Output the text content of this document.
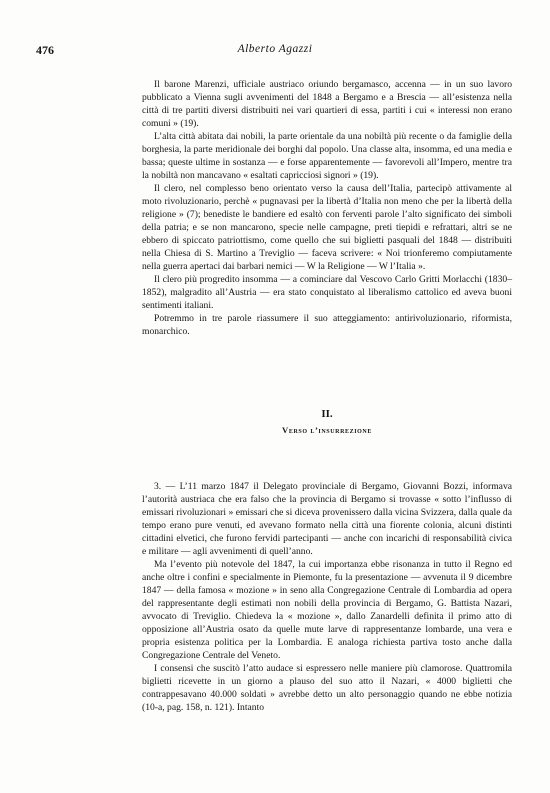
476	Alberto Agazzi

Il barone Marenzi, ufficiale austriaco oriundo bergamasco, accenna — in un suo lavoro pubblicato a Vienna sugli avvenimenti del 1848 a Bergamo e a Brescia — all’esistenza nella città di tre partiti diversi distribuiti nei vari quartieri di essa, partiti i cui « interessi non erano comuni » (19).

L’alta città abitata dai nobili, la parte orientale da una nobiltà più recente o da famiglie della borghesia, la parte meridionale dei borghi dal popolo. Una classe alta, insomma, ed una media e bassa; queste ultime in sostanza — e forse apparentemente — favorevoli all’Impero, mentre tra la nobiltà non mancavano « esaltati capricciosi signori » (19).

Il clero, nel complesso beno orientato verso la causa dell’Italia, partecipò attivamente al moto rivoluzionario, perchè « pugnavasi per la libertà d’Italia non meno che per la libertà della religione » (7); benediste le bandiere ed esaltò con ferventi parole l’alto significato dei simboli della patria; e se non mancarono, specie nelle campagne, preti tiepidi e refrattari, altri se ne ebbero di spiccato patriottismo, come quello che sui biglietti pasquali del 1848 — distribuiti nella Chiesa di S. Martino a Treviglio — faceva scrivere: « Noi trionferemo compiutamente nella guerra apertaci dai barbari nemici — W la Religione — W l’Italia ».

Il clero più progredito insomma — a cominciare dal Vescovo Carlo Gritti Morlacchi (1830–1852), malgradito all’Austria — era stato conquistato al liberalismo cattolico ed aveva buoni sentimenti italiani.

Potremmo in tre parole riassumere il suo atteggiamento: antirivoluzionario, riformista, monarchico.

II.
Verso l’insurrezione

3. — L’11 marzo 1847 il Delegato provinciale di Bergamo, Giovanni Bozzi, informava l’autorità austriaca che era falso che la provincia di Bergamo si trovasse « sotto l’influsso di emissari rivoluzionari » emissari che si diceva provenissero dalla vicina Svizzera, dalla quale da tempo erano pure venuti, ed avevano formato nella città una fiorente colonia, alcuni distinti cittadini elvetici, che furono fervidi partecipanti — anche con incarichi di responsabilità civica e militare — agli avvenimenti di quell’anno.

Ma l’evento più notevole del 1847, la cui importanza ebbe risonanza in tutto il Regno ed anche oltre i confini e specialmente in Piemonte, fu la presentazione — avvenuta il 9 dicembre 1847 — della famosa « mozione » in seno alla Congregazione Centrale di Lombardia ad opera del rappresentante degli estimati non nobili della provincia di Bergamo, G. Battista Nazari, avvocato di Treviglio. Chiedeva la « mozione », dallo Zanardelli definita il primo atto di opposizione all’Austria osato da quelle mute larve di rappresentanze lombarde, una vera e propria esistenza politica per la Lombardia. E analoga richiesta partiva tosto anche dalla Congregazione Centrale del Veneto.

I consensi che suscitò l’atto audace si espressero nelle maniere più clamorose. Quattromila biglietti ricevette in un giorno a plauso del suo atto il Nazari, « 4000 biglietti che contrappesavano 40.000 soldati » avrebbe detto un alto personaggio quando ne ebbe notizia (10-a, pag. 158, n. 121). Intanto
